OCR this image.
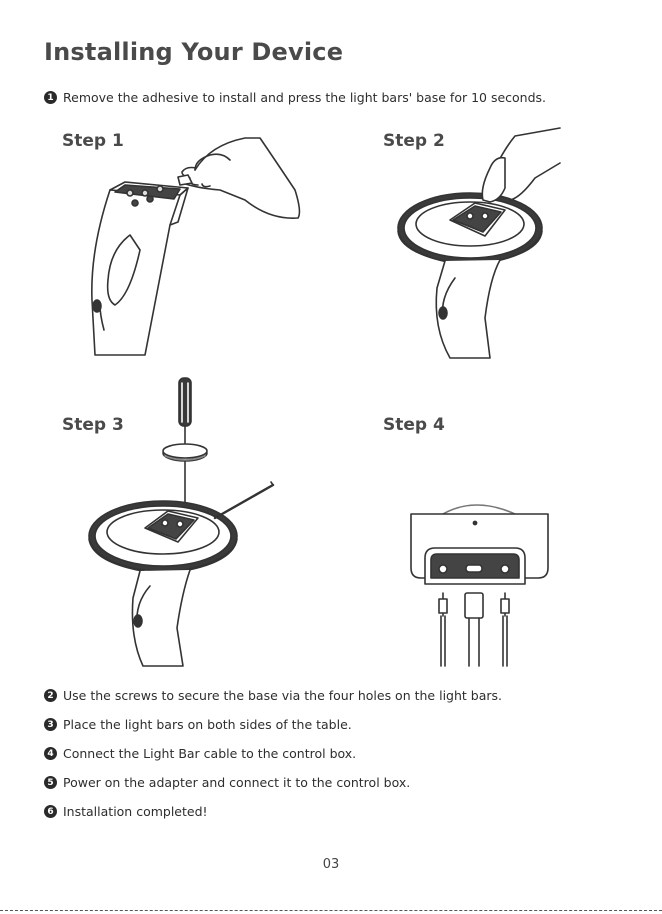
Installing Your Device
1 Remove the adhesive to install and press the light bars' base for 10 seconds.
Step 1	Step 2
Step 3	Step 4
2 Use the screws to secure the base via the four holes on the light bars.
3 Place the light bars on both sides of the table.
4 Connect the Light Bar cable to the control box.
5 Power on the adapter and connect it to the control box.
6 Installation completed!
03
